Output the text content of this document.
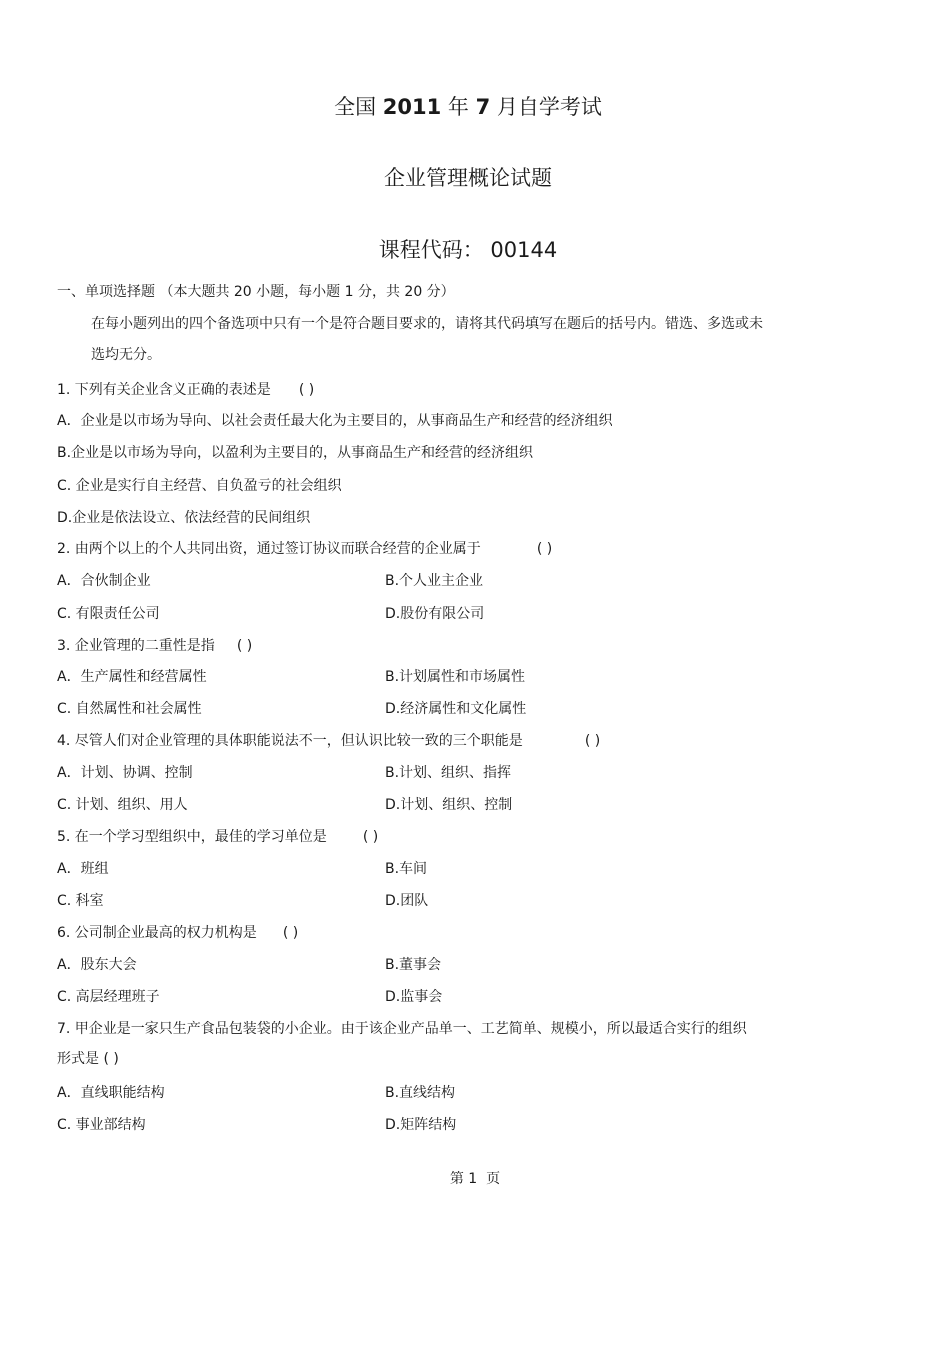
全国 2011 年 7 月自学考试
企业管理概论试题
课程代码： 00144
一、单项选择题 （本大题共 20 小题，每小题 1 分，共 20 分）
在每小题列出的四个备选项中只有一个是符合题目要求的，请将其代码填写在题后的括号内。错选、多选或未
选均无分。
1. 下列有关企业含义正确的表述是 ( )
A．企业是以市场为导向、以社会责任最大化为主要目的，从事商品生产和经营的经济组织
B.企业是以市场为导向，以盈利为主要目的，从事商品生产和经营的经济组织
C. 企业是实行自主经营、自负盈亏的社会组织
D.企业是依法设立、依法经营的民间组织
2. 由两个以上的个人共同出资，通过签订协议而联合经营的企业属于	( )
A．合伙制企业	B.个人业主企业
C. 有限责任公司	D.股份有限公司
3. 企业管理的二重性是指 ( )
A．生产属性和经营属性	B.计划属性和市场属性
C. 自然属性和社会属性	D.经济属性和文化属性
4. 尽管人们对企业管理的具体职能说法不一，但认识比较一致的三个职能是	( )
A．计划、协调、控制	B.计划、组织、指挥
C. 计划、组织、用人	D.计划、组织、控制
5. 在一个学习型组织中，最佳的学习单位是	( )
A．班组	B.车间
C. 科室	D.团队
6. 公司制企业最高的权力机构是 ( )
A．股东大会	B.董事会
C. 高层经理班子	D.监事会
7. 甲企业是一家只生产食品包装袋的小企业。由于该企业产品单一、工艺简单、规模小，所以最适合实行的组织
形式是 ( )
A．直线职能结构	B.直线结构
C. 事业部结构	D.矩阵结构
第 1  页
